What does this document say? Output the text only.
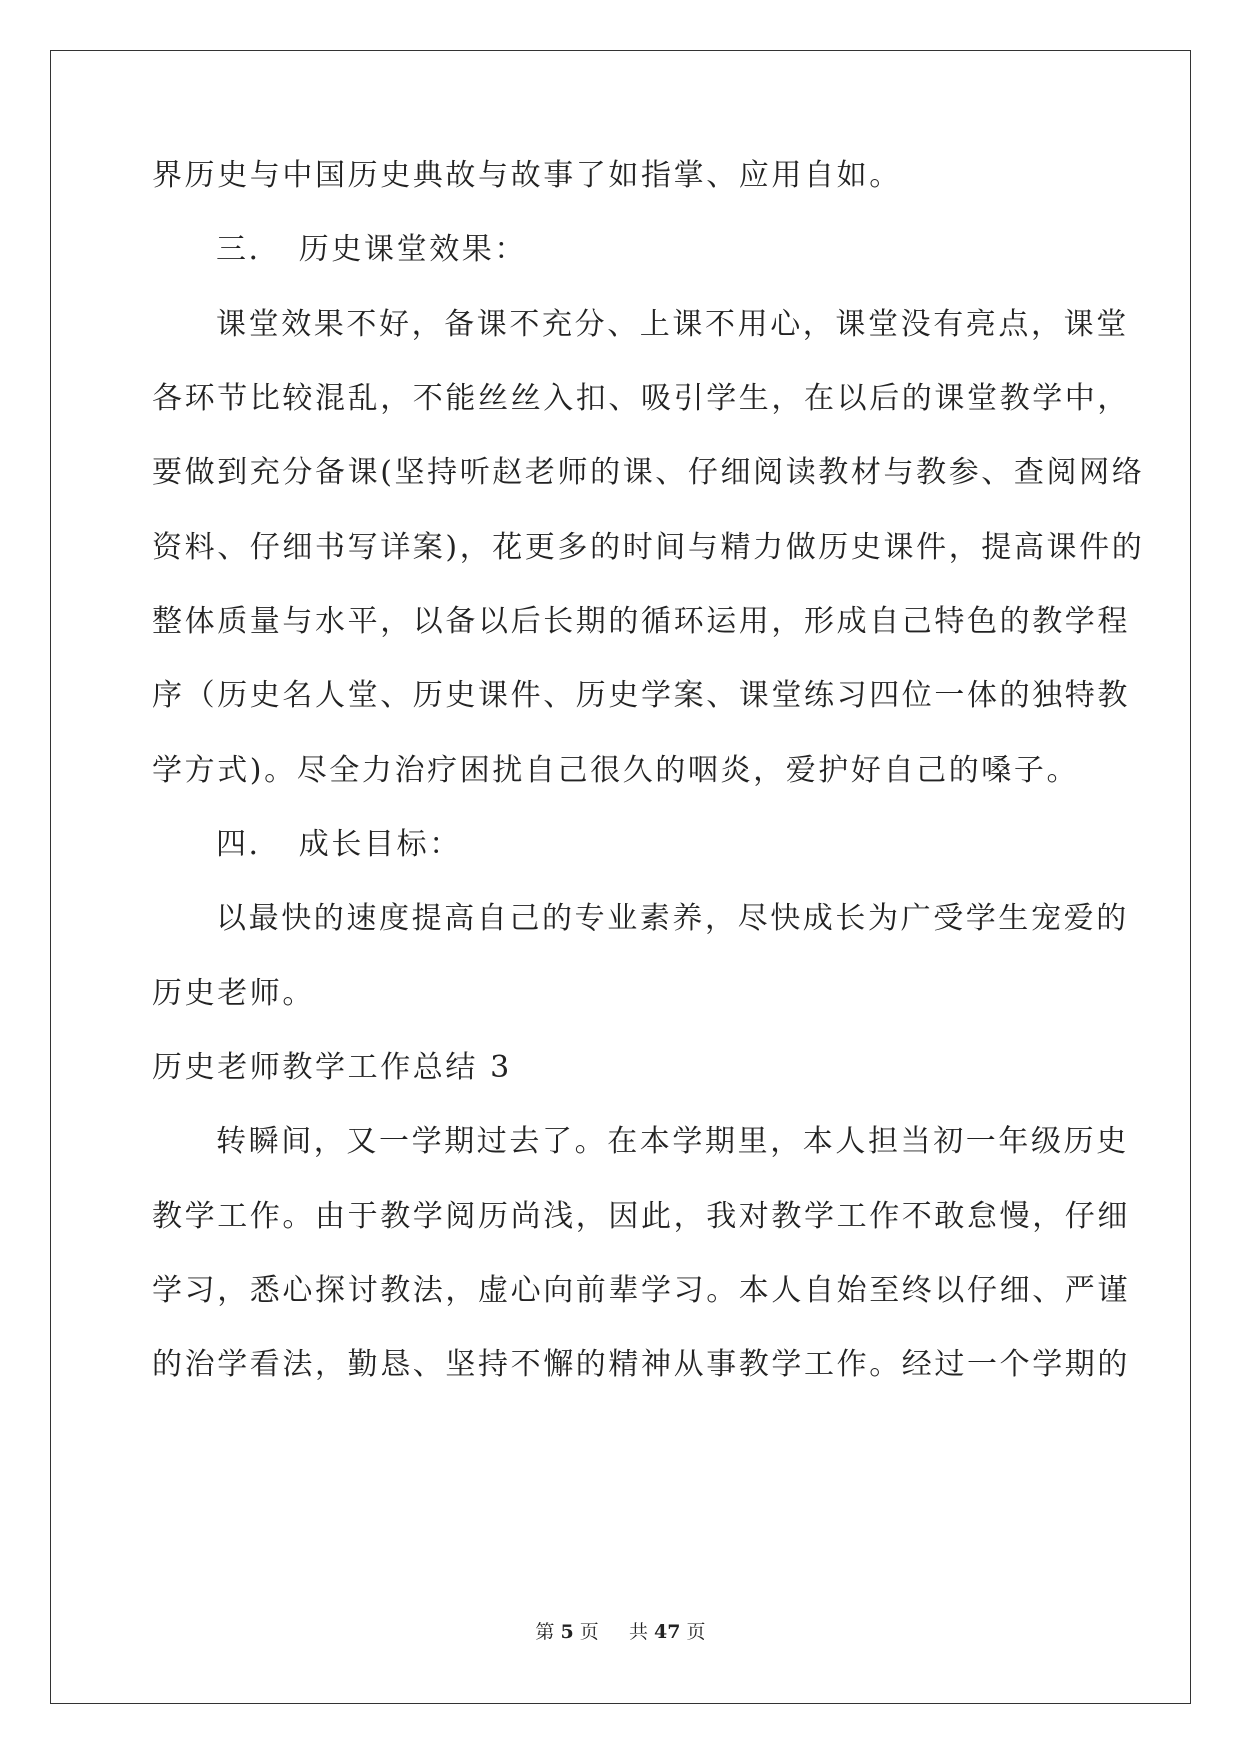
界历史与中国历史典故与故事了如指掌、应用自如。
三．　历史课堂效果：
课堂效果不好，备课不充分、上课不用心，课堂没有亮点，课堂
各环节比较混乱，不能丝丝入扣、吸引学生，在以后的课堂教学中，
要做到充分备课(坚持听赵老师的课、仔细阅读教材与教参、查阅网络
资料、仔细书写详案)，花更多的时间与精力做历史课件，提高课件的
整体质量与水平，以备以后长期的循环运用，形成自己特色的教学程
序（历史名人堂、历史课件、历史学案、课堂练习四位一体的独特教
学方式)。尽全力治疗困扰自己很久的咽炎，爱护好自己的嗓子。
四．　成长目标：
以最快的速度提高自己的专业素养，尽快成长为广受学生宠爱的
历史老师。
历史老师教学工作总结 3
转瞬间，又一学期过去了。在本学期里，本人担当初一年级历史
教学工作。由于教学阅历尚浅，因此，我对教学工作不敢怠慢，仔细
学习，悉心探讨教法，虚心向前辈学习。本人自始至终以仔细、严谨
的治学看法，勤恳、坚持不懈的精神从事教学工作。经过一个学期的
第 5 页 共 47 页
